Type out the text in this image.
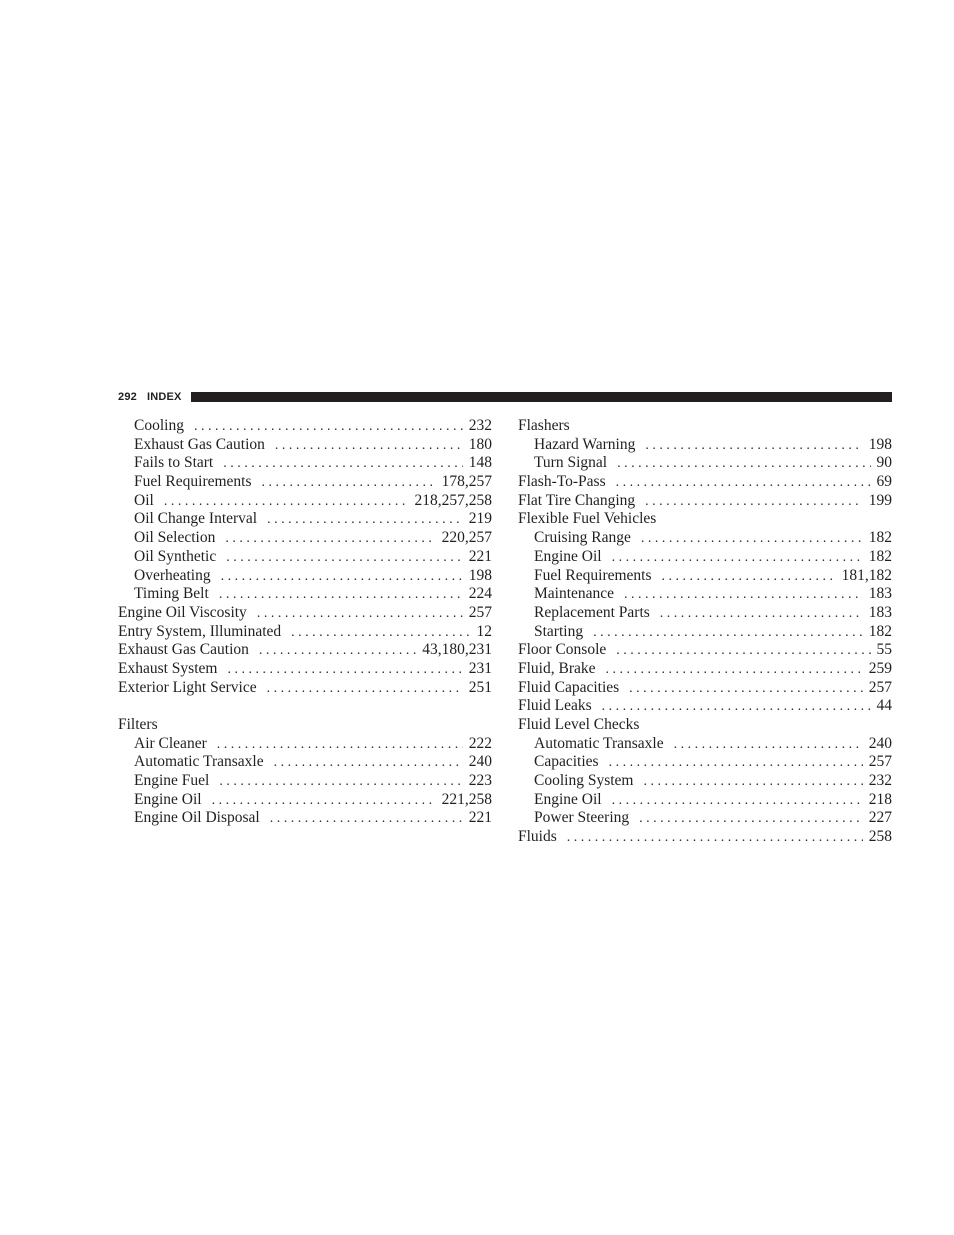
292 INDEX
Cooling . . .	232
Exhaust Gas Caution . . .	180
Fails to Start . . .	148
Fuel Requirements . . .	178,257
Oil . . .	218,257,258
Oil Change Interval . . .	219
Oil Selection . . .	220,257
Oil Synthetic . . .	221
Overheating . . .	198
Timing Belt . . .	224
Engine Oil Viscosity . . .	257
Entry System, Illuminated . . .	12
Exhaust Gas Caution . . .	43,180,231
Exhaust System . . .	231
Exterior Light Service . . .	251
Filters
Air Cleaner . . .	222
Automatic Transaxle . . .	240
Engine Fuel . . .	223
Engine Oil . . .	221,258
Engine Oil Disposal . . .	221
Flashers
Hazard Warning . . .	198
Turn Signal . . .	90
Flash-To-Pass . . .	69
Flat Tire Changing . . .	199
Flexible Fuel Vehicles
Cruising Range . . .	182
Engine Oil . . .	182
Fuel Requirements . . .	181,182
Maintenance . . .	183
Replacement Parts . . .	183
Starting . . .	182
Floor Console . . .	55
Fluid, Brake . . .	259
Fluid Capacities . . .	257
Fluid Leaks . . .	44
Fluid Level Checks
Automatic Transaxle . . .	240
Capacities . . .	257
Cooling System . . .	232
Engine Oil . . .	218
Power Steering . . .	227
Fluids . . .	258
